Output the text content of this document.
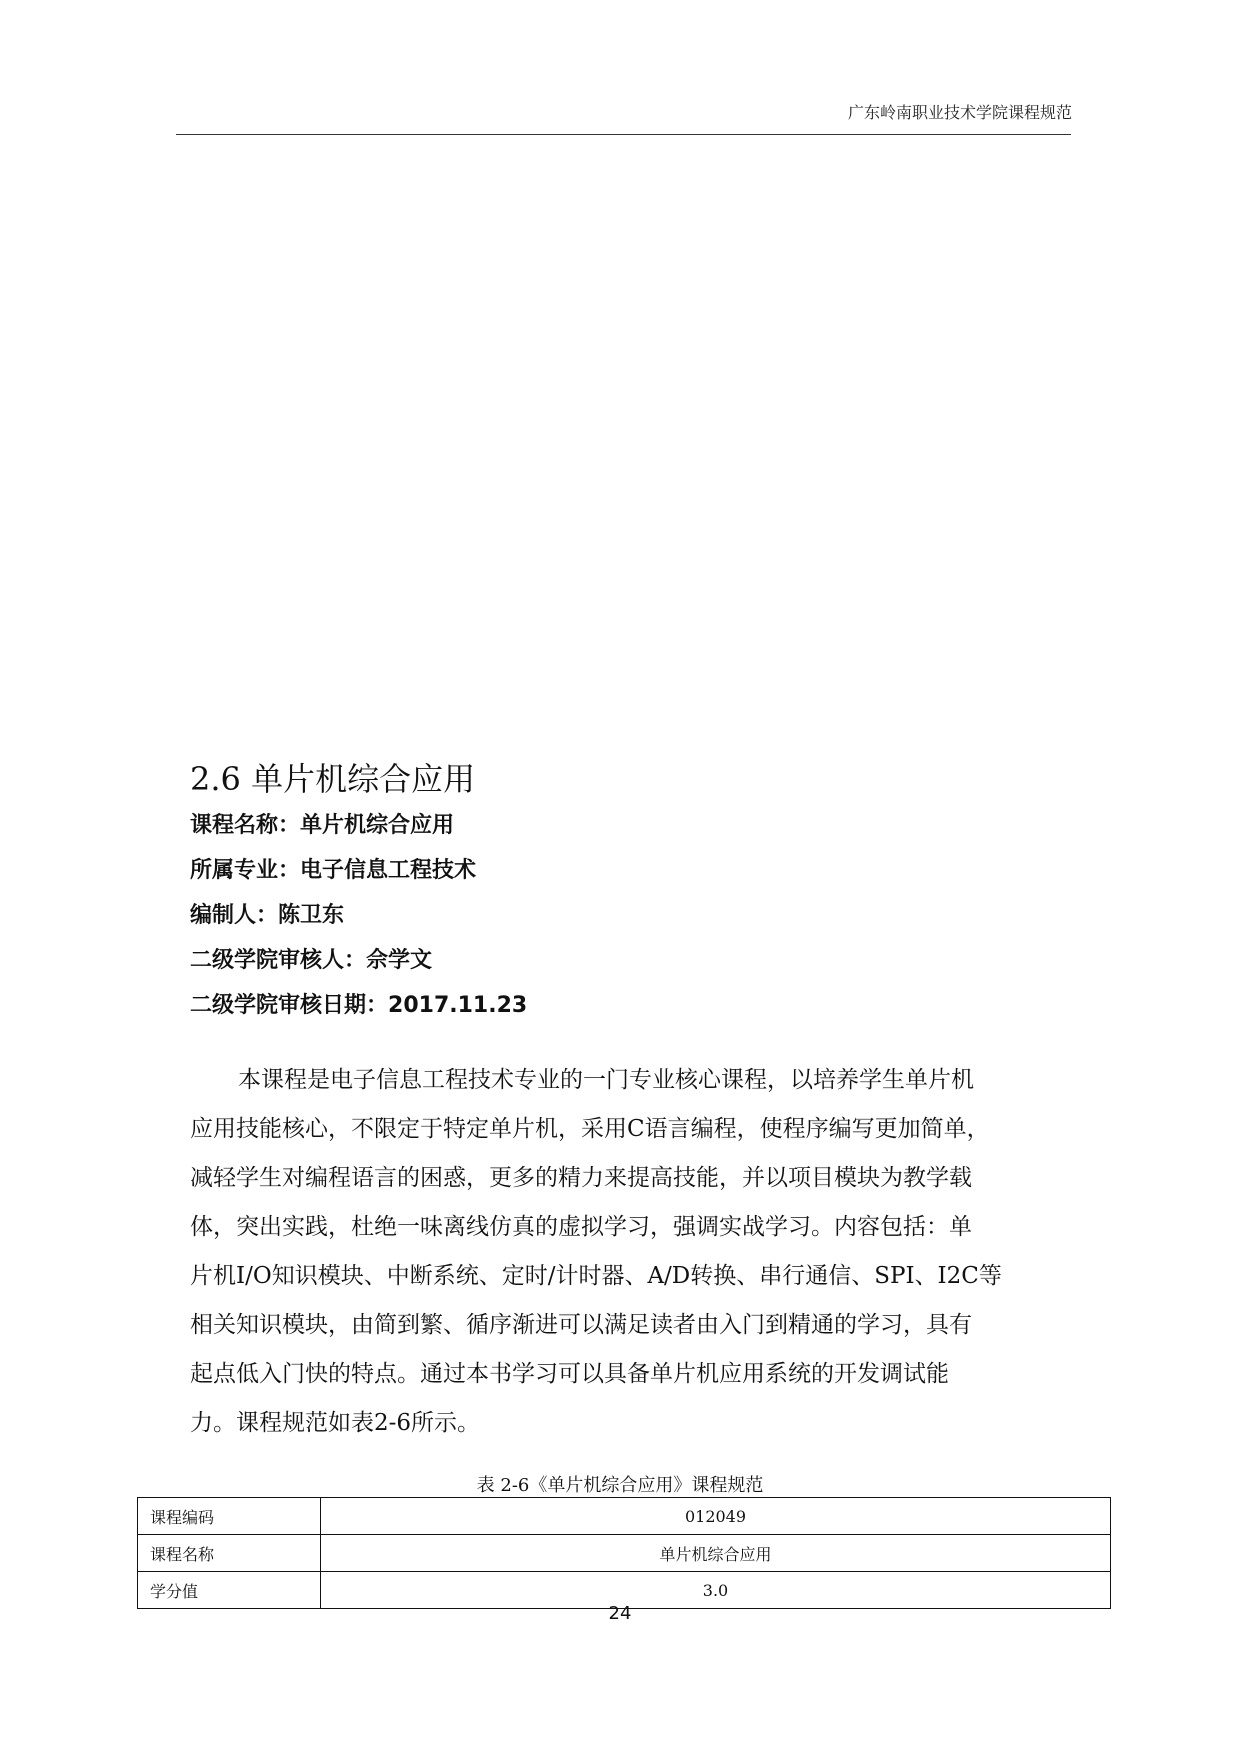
广东岭南职业技术学院课程规范
2.6 单片机综合应用
课程名称：单片机综合应用
所属专业：电子信息工程技术
编制人：陈卫东
二级学院审核人：佘学文
二级学院审核日期：2017.11.23
本课程是电子信息工程技术专业的一门专业核心课程，以培养学生单片机
应用技能核心，不限定于特定单片机，采用C语言编程，使程序编写更加简单，
减轻学生对编程语言的困惑，更多的精力来提高技能，并以项目模块为教学载
体，突出实践，杜绝一味离线仿真的虚拟学习，强调实战学习。内容包括：单
片机I/O知识模块、中断系统、定时/计时器、A/D转换、串行通信、SPI、I2C等
相关知识模块，由简到繁、循序渐进可以满足读者由入门到精通的学习，具有
起点低入门快的特点。通过本书学习可以具备单片机应用系统的开发调试能
力。课程规范如表2-6所示。
表 2-6《单片机综合应用》课程规范
课程编码	012049
课程名称	单片机综合应用
学分值	3.0
24
